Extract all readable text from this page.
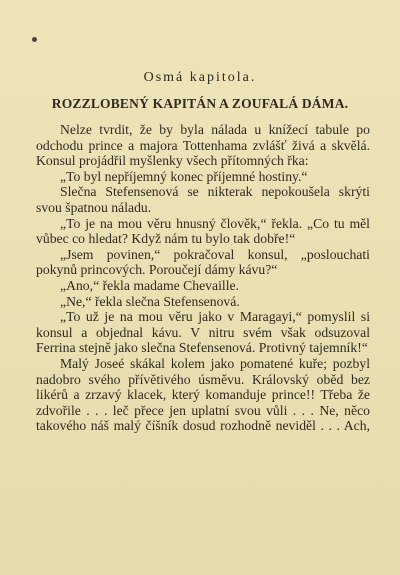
Osmá kapitola.
ROZZLOBENÝ KAPITÁN A ZOUFALÁ DÁMA.

Nelze tvrdit, že by byla nálada u knížecí tabule po odchodu prince a majora Tottenhama zvlášť živá a skvělá. Konsul projádřil myšlenky všech přítomných řka:

„To byl nepříjemný konec příjemné hostiny.“

Slečna Stefensenová se nikterak nepokoušela skrýti svou špatnou náladu.

„To je na mou věru hnusný člověk,“ řekla. „Co tu měl vůbec co hledat? Když nám tu bylo tak dobře!“

„Jsem povinen,“ pokračoval konsul, „poslouchati pokynů princových. Poroučejí dámy kávu?“

„Ano,“ řekla madame Chevaille.

„Ne,“ řekla slečna Stefensenová.

„To už je na mou věru jako v Maragayi,“ pomyslil si konsul a objednal kávu. V nitru svém však odsuzoval Ferrina stejně jako slečna Stefensenová. Protivný tajemník!“

Malý Joseé skákal kolem jako pomatené kuře; pozbyl nadobro svého přívětivého úsměvu. Královský oběd bez likérů a zrzavý klacek, který komanduje prince!! Třeba že zdvořile . . . leč přece jen uplatní svou vůli . . . Ne, něco takového náš malý číšník dosud rozhodně neviděl . . . Ach,
